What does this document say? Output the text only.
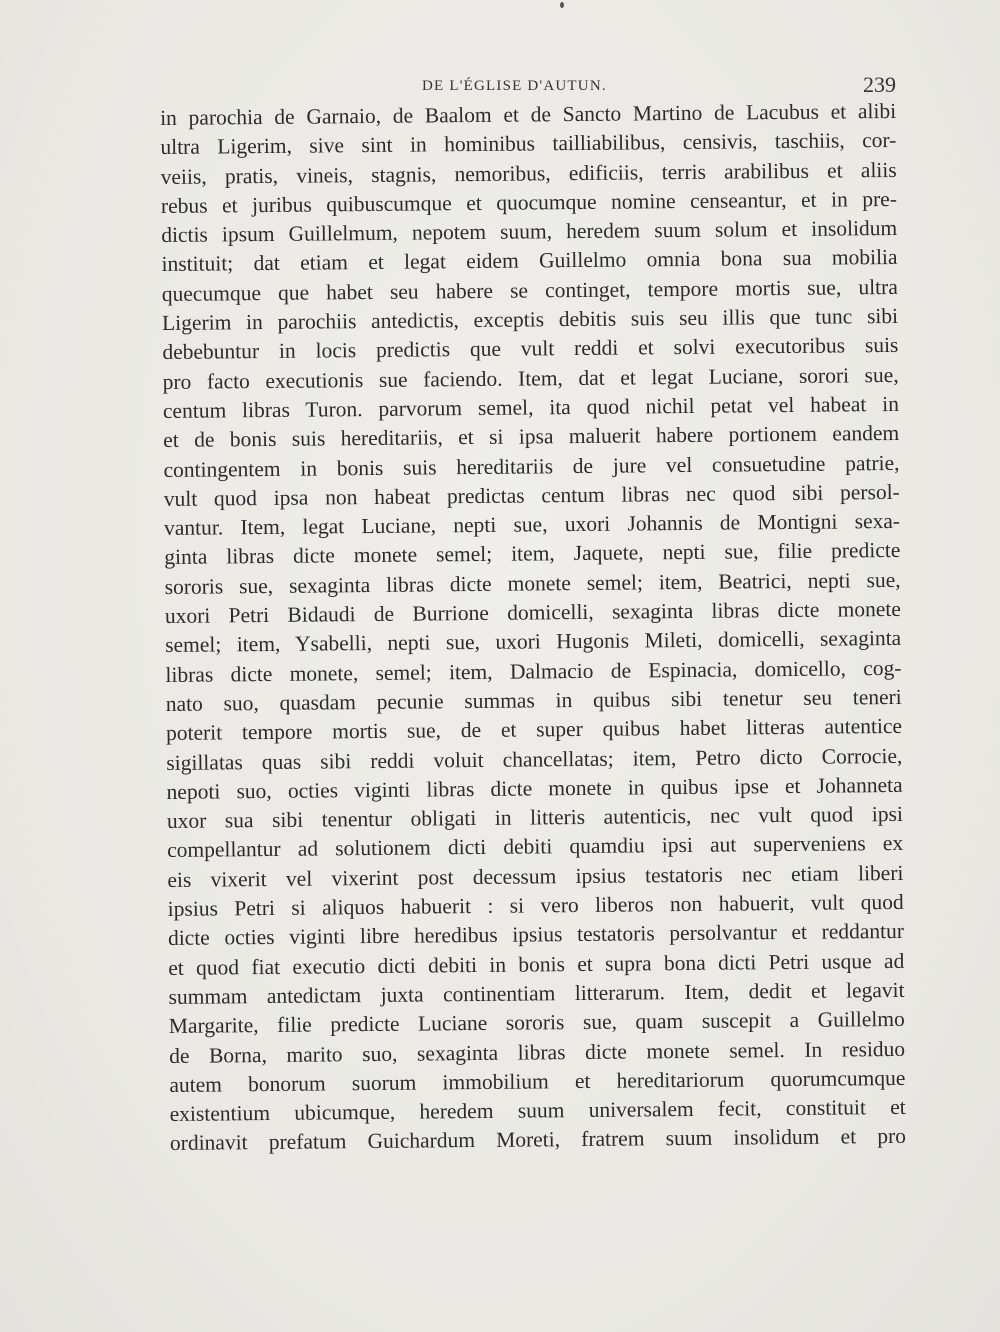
DE L'ÉGLISE D'AUTUN.	239
in parochia de Garnaio, de Baalom et de Sancto Martino de Lacubus et alibi
ultra Ligerim, sive sint in hominibus tailliabilibus, censivis, taschiis, cor-
veiis, pratis, vineis, stagnis, nemoribus, edificiis, terris arabilibus et aliis
rebus et juribus quibuscumque et quocumque nomine censeantur, et in pre-
dictis ipsum Guillelmum, nepotem suum, heredem suum solum et insolidum
instituit; dat etiam et legat eidem Guillelmo omnia bona sua mobilia
quecumque que habet seu habere se continget, tempore mortis sue, ultra
Ligerim in parochiis antedictis, exceptis debitis suis seu illis que tunc sibi
debebuntur in locis predictis que vult reddi et solvi executoribus suis
pro facto executionis sue faciendo. Item, dat et legat Luciane, sorori sue,
centum libras Turon. parvorum semel, ita quod nichil petat vel habeat in
et de bonis suis hereditariis, et si ipsa maluerit habere portionem eandem
contingentem in bonis suis hereditariis de jure vel consuetudine patrie,
vult quod ipsa non habeat predictas centum libras nec quod sibi persol-
vantur. Item, legat Luciane, nepti sue, uxori Johannis de Montigni sexa-
ginta libras dicte monete semel; item, Jaquete, nepti sue, filie predicte
sororis sue, sexaginta libras dicte monete semel; item, Beatrici, nepti sue,
uxori Petri Bidaudi de Burrione domicelli, sexaginta libras dicte monete
semel; item, Ysabelli, nepti sue, uxori Hugonis Mileti, domicelli, sexaginta
libras dicte monete, semel; item, Dalmacio de Espinacia, domicello, cog-
nato suo, quasdam pecunie summas in quibus sibi tenetur seu teneri
poterit tempore mortis sue, de et super quibus habet litteras autentice
sigillatas quas sibi reddi voluit chancellatas; item, Petro dicto Corrocie,
nepoti suo, octies viginti libras dicte monete in quibus ipse et Johanneta
uxor sua sibi tenentur obligati in litteris autenticis, nec vult quod ipsi
compellantur ad solutionem dicti debiti quamdiu ipsi aut superveniens ex
eis vixerit vel vixerint post decessum ipsius testatoris nec etiam liberi
ipsius Petri si aliquos habuerit : si vero liberos non habuerit, vult quod
dicte octies viginti libre heredibus ipsius testatoris persolvantur et reddantur
et quod fiat executio dicti debiti in bonis et supra bona dicti Petri usque ad
summam antedictam juxta continentiam litterarum. Item, dedit et legavit
Margarite, filie predicte Luciane sororis sue, quam suscepit a Guillelmo
de Borna, marito suo, sexaginta libras dicte monete semel. In residuo
autem bonorum suorum immobilium et hereditariorum quorumcumque
existentium ubicumque, heredem suum universalem fecit, constituit et
ordinavit prefatum Guichardum Moreti, fratrem suum insolidum et pro
